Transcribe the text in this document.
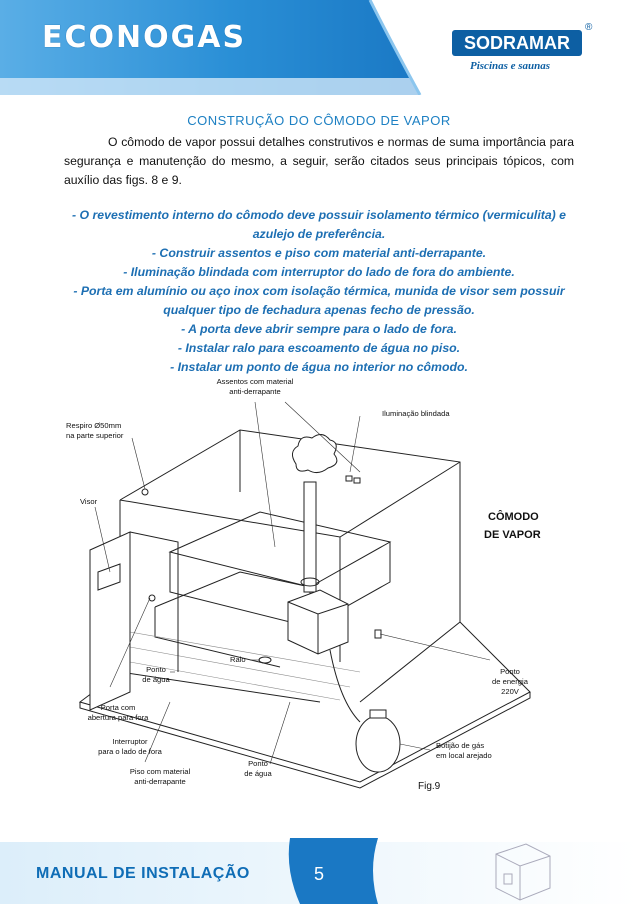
ECONOGAS	SODRAMAR
®
Piscinas e saunas
CONSTRUÇÃO DO CÔMODO DE VAPOR
O cômodo de vapor possui detalhes construtivos e normas de suma importância para segurança e manutenção do mesmo, a seguir, serão citados seus principais tópicos, com auxílio das figs. 8 e 9.

- O revestimento interno do cômodo deve possuir isolamento térmico (vermiculita) e azulejo de preferência.

- Construir assentos e piso com material anti-derrapante.

- Iluminação blindada com interruptor do lado de fora do ambiente.

- Porta em alumínio ou aço inox com isolação térmica, munida de visor sem possuir qualquer tipo de fechadura apenas fecho de pressão.

- A porta deve abrir sempre para o lado de fora.

- Instalar ralo para escoamento de água no piso.

- Instalar um ponto de água no interior no cômodo.

Assentos com material
anti-derrapante
Respiro Ø50mm
na parte superior
Iluminação blindada
Visor
CÔMODO
DE VAPOR
Ralo
Ponto
de água
Porta com
abertura para fora
Interruptor
para o lado de fora
Piso com material
anti-derrapante
Ponto
de água
Ponto
de energia
220V
Botijão de gás
em local arejado
Fig.9
MANUAL DE INSTALAÇÃO	5
